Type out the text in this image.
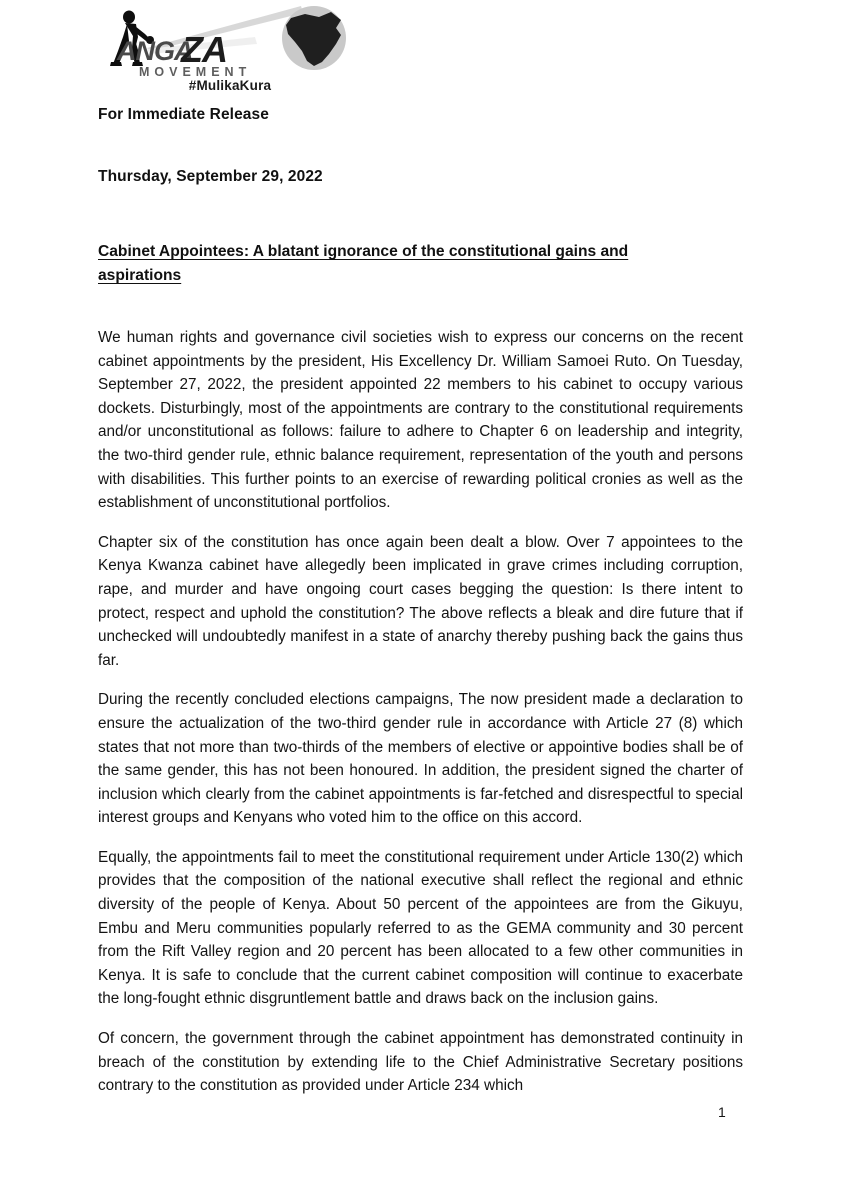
ANGA
ZA
MOVEMENT
#MulikaKura
For Immediate Release
Thursday, September 29, 2022
Cabinet Appointees: A blatant ignorance of the constitutional gains and aspirations

We human rights and governance civil societies wish to express our concerns on the recent cabinet appointments by the president, His Excellency Dr. William Samoei Ruto. On Tuesday, September 27, 2022, the president appointed 22 members to his cabinet to occupy various dockets. Disturbingly, most of the appointments are contrary to the constitutional requirements and/or unconstitutional as follows: failure to adhere to Chapter 6 on leadership and integrity, the two-third gender rule, ethnic balance requirement, representation of the youth and persons with disabilities. This further points to an exercise of rewarding political cronies as well as the establishment of unconstitutional portfolios.

Chapter six of the constitution has once again been dealt a blow. Over 7 appointees to the Kenya Kwanza cabinet have allegedly been implicated in grave crimes including corruption, rape, and murder and have ongoing court cases begging the question: Is there intent to protect, respect and uphold the constitution? The above reflects a bleak and dire future that if unchecked will undoubtedly manifest in a state of anarchy thereby pushing back the gains thus far.

During the recently concluded elections campaigns, The now president made a declaration to ensure the actualization of the two-third gender rule in accordance with Article 27 (8) which states that not more than two-thirds of the members of elective or appointive bodies shall be of the same gender, this has not been honoured. In addition, the president signed the charter of inclusion which clearly from the cabinet appointments is far-fetched and disrespectful to special interest groups and Kenyans who voted him to the office on this accord.

Equally, the appointments fail to meet the constitutional requirement under Article 130(2) which provides that the composition of the national executive shall reflect the regional and ethnic diversity of the people of Kenya. About 50 percent of the appointees are from the Gikuyu, Embu and Meru communities popularly referred to as the GEMA community and 30 percent from the Rift Valley region and 20 percent has been allocated to a few other communities in Kenya. It is safe to conclude that the current cabinet composition will continue to exacerbate the long-fought ethnic disgruntlement battle and draws back on the inclusion gains.

Of concern, the government through the cabinet appointment has demonstrated continuity in breach of the constitution by extending life to the Chief Administrative Secretary positions contrary to the constitution as provided under Article 234 which

1
